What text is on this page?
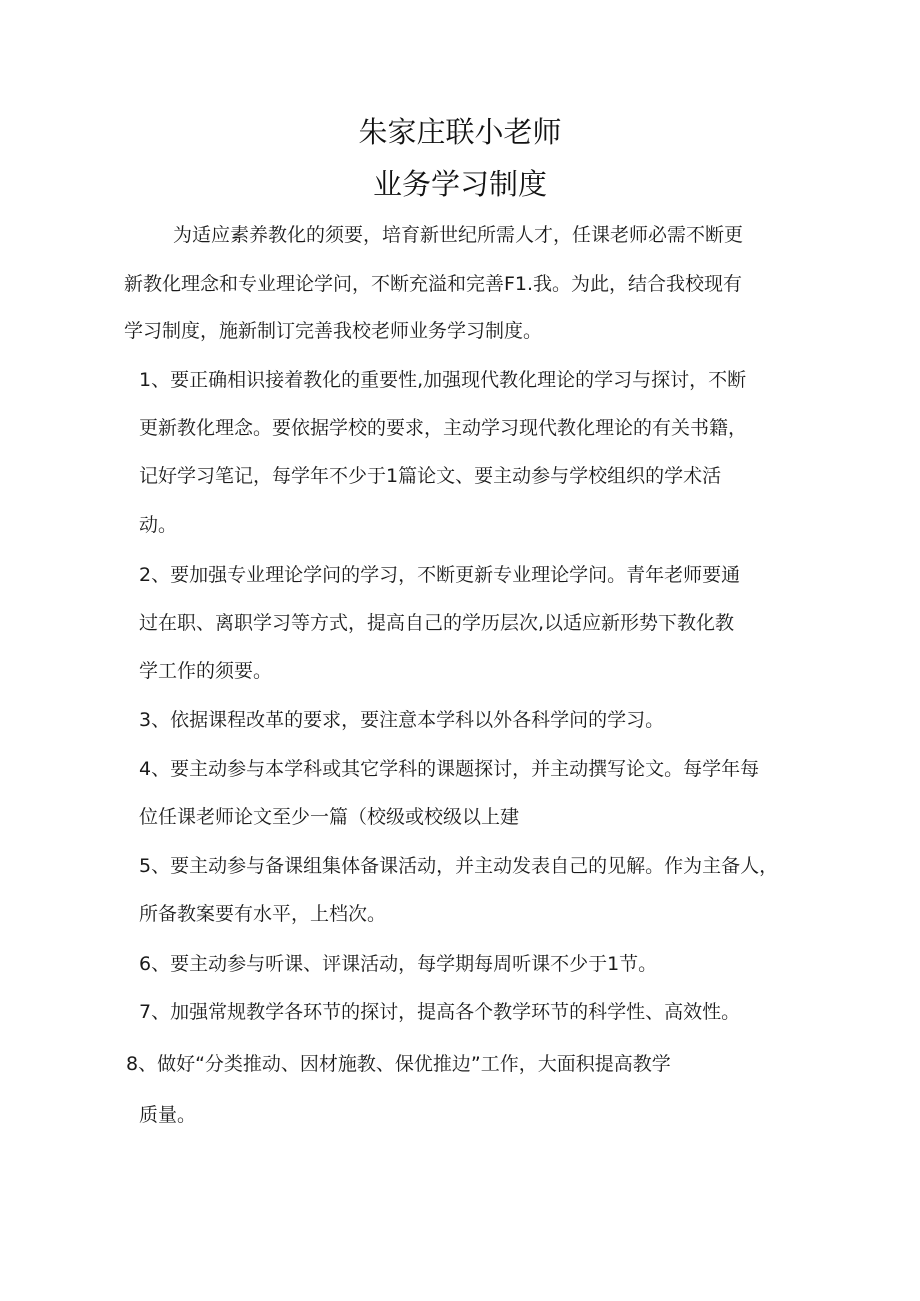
朱家庄联小老师
业务学习制度
为适应素养教化的须要，培育新世纪所需人才，任课老师必需不断更
新教化理念和专业理论学问，不断充溢和完善F1.我。为此，结合我校现有
学习制度，施新制订完善我校老师业务学习制度。
1、要正确相识接着教化的重要性,加强现代教化理论的学习与探讨，不断
更新教化理念。要依据学校的要求，主动学习现代教化理论的有关书籍，
记好学习笔记，每学年不少于1篇论文、要主动参与学校组织的学术活
动。
2、要加强专业理论学问的学习，不断更新专业理论学问。青年老师要通
过在职、离职学习等方式，提高自己的学历层次,以适应新形势下教化教
学工作的须要。
3、依据课程改革的要求，要注意本学科以外各科学问的学习。
4、要主动参与本学科或其它学科的课题探讨，并主动撰写论文。每学年每
位任课老师论文至少一篇（校级或校级以上建
5、要主动参与备课组集体备课活动，并主动发表自己的见解。作为主备人，
所备教案要有水平，上档次。
6、要主动参与听课、评课活动，每学期每周听课不少于1节。
7、加强常规教学各环节的探讨，提高各个教学环节的科学性、高效性。
8、做好“分类推动、因材施教、保优推边”工作，大面积提高教学
质量。
